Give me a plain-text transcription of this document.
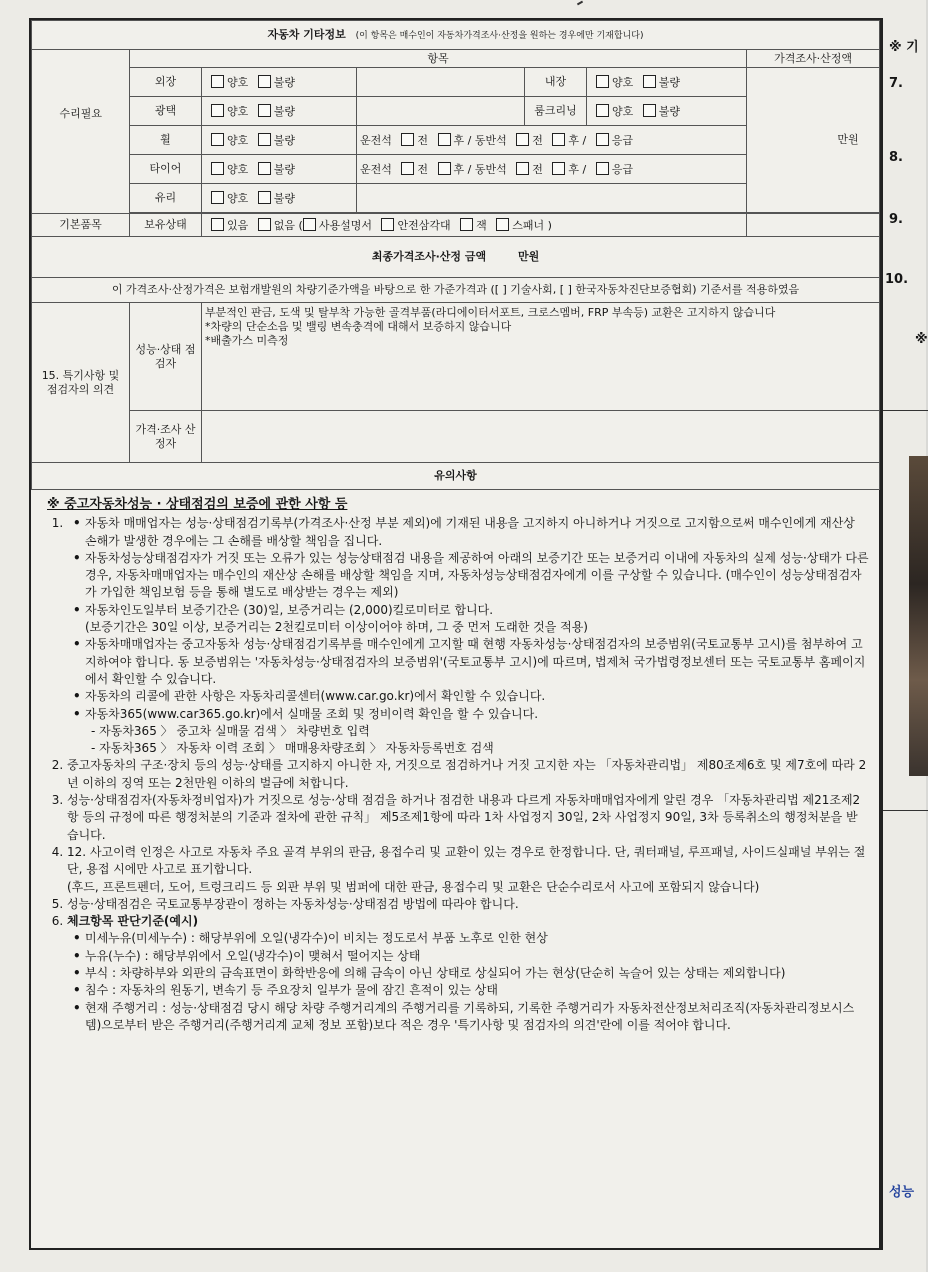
자동차 기타정보 (이 항목은 매수인이 자동차가격조사·산정을 원하는 경우에만 기재합니다)						
	항목					가격조사·산정액
	외장	양호 불량		내장	양호 불량	만원
	광택	양호 불량		룸크리닝	양호 불량	
	휠	양호 불량	운전석 전 후 / 동반석 전 후 / 응급			
	타이어	양호 불량	운전석 전 후 / 동반석 전 후 / 응급			
	유리	양호 불량				

수리필요						

기본품목	보유상태	있음 없음 ( 사용설명서 안전삼각대 잭 스패너 )				
최종가격조사·산정 금액 만원						
이 가격조사·산정가격은 보험개발원의 차량기준가액을 바탕으로 한 가준가격과 ([ ] 기술사회, [ ] 한국자동차진단보증협회) 기준서를 적용하였음						
15. 특기사항 및 점검자의 의견	성능·상태 점검자	부분적인 판금, 도색 및 탈부착 가능한 골격부품(라디에이터서포트, 크로스멤버, FRP 부속등) 교환은 고지하지 않습니다
*차량의 단순소음 및 밸링 변속충격에 대해서 보증하지 않습니다
*배출가스 미측정				

	가격·조사 산정자					
유의사항						
※ 중고자동차성능 · 상태점검의 보증에 관한 사항 등
• 1. 자동차 매매업자는 성능·상태점검기록부(가격조사·산정 부분 제외)에 기재된 내용을 고지하지 아니하거나 거짓으로 고지함으로써 매수인에게 재산상 손해가 발생한 경우에는 그 손해를 배상할 책임을 집니다.
• 자동차성능상태점검자가 거짓 또는 오류가 있는 성능상태점검 내용을 제공하여 아래의 보증기간 또는 보증거리 이내에 자동차의 실제 성능·상태가 다른 경우, 자동차매매업자는 매수인의 재산상 손해를 배상할 책임을 지며, 자동차성능상태점검자에게 이를 구상할 수 있습니다. (매수인이 성능상태점검자가 가입한 책임보험 등을 통해 별도로 배상받는 경우는 제외)
• 자동차인도일부터 보증기간은 (30)일, 보증거리는 (2,000)킬로미터로 합니다.
(보증기간은 30일 이상, 보증거리는 2천킬로미터 이상이어야 하며, 그 중 먼저 도래한 것을 적용)
• 자동차매매업자는 중고자동차 성능·상태점검기록부를 매수인에게 고지할 때 현행 자동차성능·상태점검자의 보증범위(국토교통부 고시)를 첨부하여 고지하여야 합니다. 동 보증범위는 '자동차성능·상태점검자의 보증범위'(국토교통부 고시)에 따르며, 법제처 국가법령정보센터 또는 국토교통부 홈페이지에서 확인할 수 있습니다.
• 자동차의 리콜에 관한 사항은 자동차리콜센터(www.car.go.kr)에서 확인할 수 있습니다.
• 자동차365(www.car365.go.kr)에서 실매물 조회 및 정비이력 확인을 할 수 있습니다.
- 자동차365 〉 중고차 실매물 검색 〉 차량번호 입력
- 자동차365 〉 자동차 이력 조회 〉 매매용차량조회 〉 자동차등록번호 검색
2. 중고자동차의 구조·장치 등의 성능·상태를 고지하지 아니한 자, 거짓으로 점검하거나 거짓 고지한 자는 「자동차관리법」 제80조제6호 및 제7호에 따라 2년 이하의 징역 또는 2천만원 이하의 벌금에 처합니다.
3. 성능·상태점검자(자동차정비업자)가 거짓으로 성능·상태 점검을 하거나 점검한 내용과 다르게 자동차매매업자에게 알린 경우 「자동차관리법 제21조제2항 등의 규정에 따른 행정처분의 기준과 절차에 관한 규칙」 제5조제1항에 따라 1차 사업정지 30일, 2차 사업정지 90일, 3차 등록취소의 행정처분을 받습니다.
4. 12. 사고이력 인정은 사고로 자동차 주요 골격 부위의 판금, 용접수리 및 교환이 있는 경우로 한정합니다. 단, 쿼터패널, 루프패널, 사이드실패널 부위는 절단, 용접 시에만 사고로 표기합니다.
(후드, 프론트펜더, 도어, 트렁크리드 등 외판 부위 및 범퍼에 대한 판금, 용접수리 및 교환은 단순수리로서 사고에 포함되지 않습니다)
5. 성능·상태점검은 국토교통부장관이 정하는 자동차성능·상태점검 방법에 따라야 합니다.
6. 체크항목 판단기준(예시)
• 미세누유(미세누수) : 해당부위에 오일(냉각수)이 비치는 정도로서 부품 노후로 인한 현상
• 누유(누수) : 해당부위에서 오일(냉각수)이 맺혀서 떨어지는 상태
• 부식 : 차량하부와 외판의 금속표면이 화학반응에 의해 금속이 아닌 상태로 상실되어 가는 현상(단순히 녹슬어 있는 상태는 제외합니다)
• 침수 : 자동차의 원동기, 변속기 등 주요장치 일부가 물에 잠긴 흔적이 있는 상태
• 현재 주행거리 : 성능·상태점검 당시 해당 차량 주행거리계의 주행거리를 기록하되, 기록한 주행거리가 자동차전산정보처리조직(자동차관리정보시스템)으로부터 받은 주행거리(주행거리계 교체 정보 포함)보다 적은 경우 '특기사항 및 점검자의 의견'란에 이를 적어야 합니다.
※ 기
7.
8.
9.
10.
※
성능
